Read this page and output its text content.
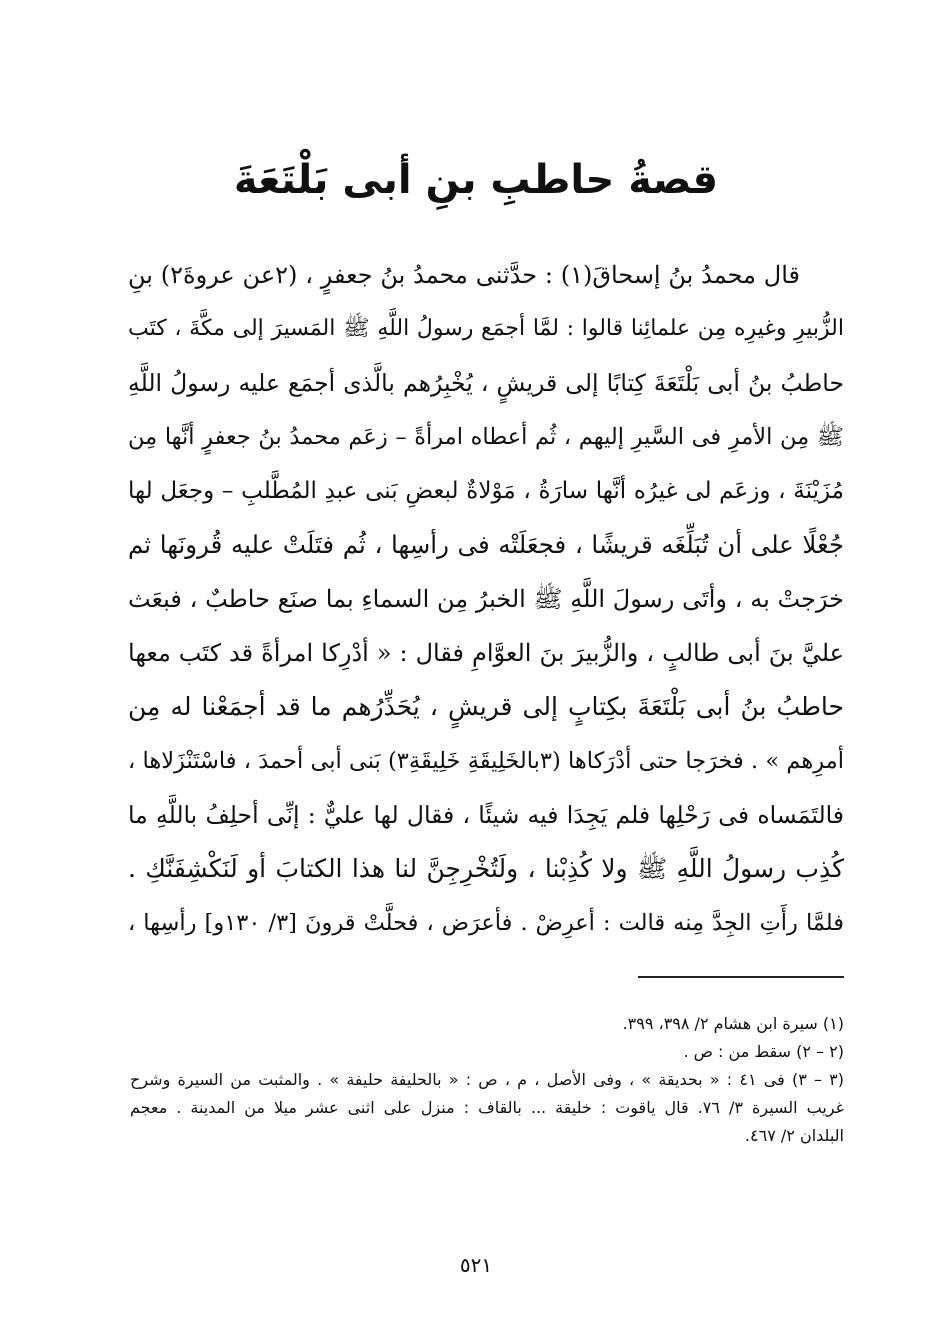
قصةُ حاطبِ بنِ أبى بَلْتَعَةَ
قال محمدُ بنُ إسحاقَ(١) : حدَّثنى محمدُ بنُ جعفرٍ ، (٢عن عروةَ٢) بنِ
الزُّبيرِ وغيرِه مِن علمائِنا قالوا : لمَّا أجمَع رسولُ اللَّهِ ﷺ المَسيرَ إلى مكَّةَ ، كتَب
حاطبُ بنُ أبى بَلْتَعَةَ كِتابًا إلى قريشٍ ، يُخْبِرُهم بالَّذى أجمَع عليه رسولُ اللَّهِ
ﷺ مِن الأمرِ فى السَّيرِ إليهم ، ثُم أعطاه امرأةً – زعَم محمدُ بنُ جعفرٍ أنَّها مِن
مُزَيْنَةَ ، وزعَم لى غيرُه أنَّها سارَةُ ، مَوْلاةٌ لبعضِ بَنى عبدِ المُطَّلبِ – وجعَل لها
جُعْلًا على أن تُبَلِّغَه قريشًا ، فجعَلَتْه فى رأسِها ، ثُم فتَلَتْ عليه قُرونَها ثم
خرَجتْ به ، وأتَى رسولَ اللَّهِ ﷺ الخبرُ مِن السماءِ بما صنَع حاطبٌ ، فبعَث
عليَّ بنَ أبى طالبٍ ، والزُّبيرَ بنَ العوَّامِ فقال : « أدْرِكا امرأةً قد كتَب معها
حاطبُ بنُ أبى بَلْتَعَةَ بكِتابٍ إلى قريشٍ ، يُحَذِّرُهم ما قد أجمَعْنا له مِن
أمرِهم » . فخرَجا حتى أدْرَكاها (٣بالخَلِيقَةِ خَلِيقَةِ٣) بَنى أبى أحمدَ ، فاسْتَنْزَلاها ،
فالتَمَساه فى رَحْلِها فلم يَجِدَا فيه شيئًا ، فقال لها عليٌّ : إنِّى أحلِفُ باللَّهِ ما
كُذِب رسولُ اللَّهِ ﷺ ولا كُذِبْنا ، ولَتُخْرِجِنَّ لنا هذا الكتابَ أو لَنَكْشِفَنَّكِ .
فلمَّا رأَتِ الجِدَّ مِنه قالت : أعرِضْ . فأعرَض ، فحلَّتْ قرونَ [٣/ ١٣٠و] رأسِها ،
(١) سيرة ابن هشام ٢/ ٣٩٨، ٣٩٩.
(٢ – ٢) سقط من : ص .
(٣ – ٣) فى ٤١ : « بحديقة » ، وفى الأصل ، م ، ص : « بالحليفة حليفة » . والمثبت من السيرة وشرح
غريب السيرة ٣/ ٧٦. قال ياقوت : خليقة ... بالقاف : منزل على اثنى عشر ميلا من المدينة . معجم
البلدان ٢/ ٤٦٧.
٥٢١
